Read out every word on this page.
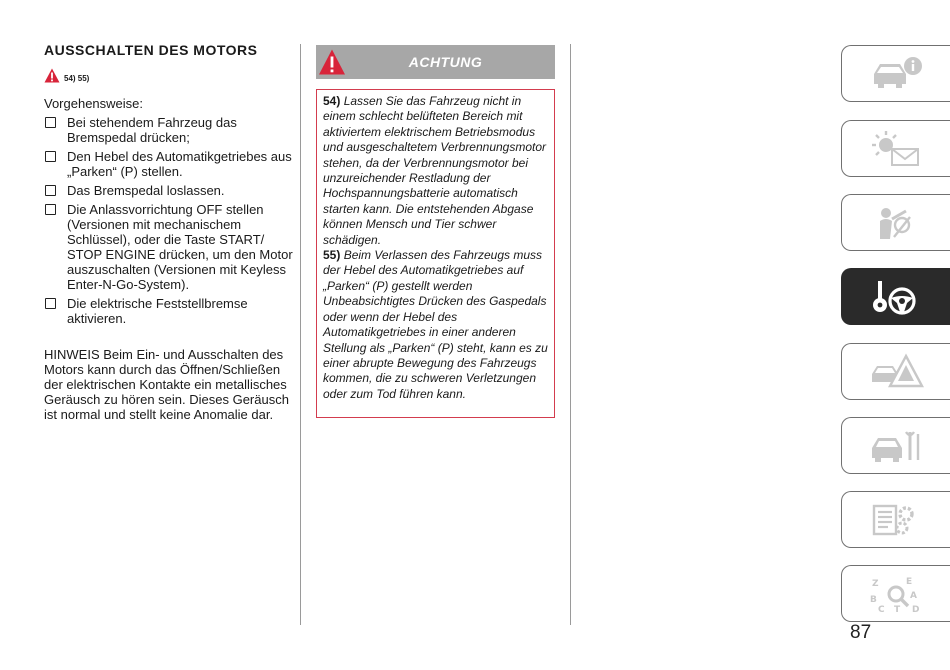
AUSSCHALTEN DES MOTORS
54) 55)

Vorgehensweise:

Bei stehendem Fahrzeug das Bremspedal drücken;
Den Hebel des Automatikgetriebes aus „Parken“ (P) stellen.
Das Bremspedal loslassen.
Die Anlassvorrichtung OFF stellen (Versionen mit mechanischem Schlüssel), oder die Taste START/ STOP ENGINE drücken, um den Motor auszuschalten (Versionen mit Keyless Enter-N-Go-System).
Die elektrische Feststellbremse aktivieren.
HINWEIS Beim Ein- und Ausschalten des Motors kann durch das Öffnen/Schließen der elektrischen Kontakte ein metallisches Geräusch zu hören sein. Dieses Geräusch ist normal und stellt keine Anomalie dar.
ACHTUNG

54) Lassen Sie das Fahrzeug nicht in einem schlecht belüfteten Bereich mit aktiviertem elektrischem Betriebsmodus und ausgeschaltetem Verbrennungsmotor stehen, da der Verbrennungsmotor bei unzureichender Restladung der Hochspannungsbatterie automatisch starten kann. Die entstehenden Abgase können Mensch und Tier schwer schädigen.

55) Beim Verlassen des Fahrzeugs muss der Hebel des Automatikgetriebes auf „Parken“ (P) gestellt werden Unbeabsichtigtes Drücken des Gaspedals oder wenn der Hebel des Automatikgetriebes in einer anderen Stellung als „Parken“ (P) steht, kann es zu einer abrupte Bewegung des Fahrzeugs kommen, die zu schweren Verletzungen oder zum Tod führen kann.

Z	E
B	A
C	D
T
87
